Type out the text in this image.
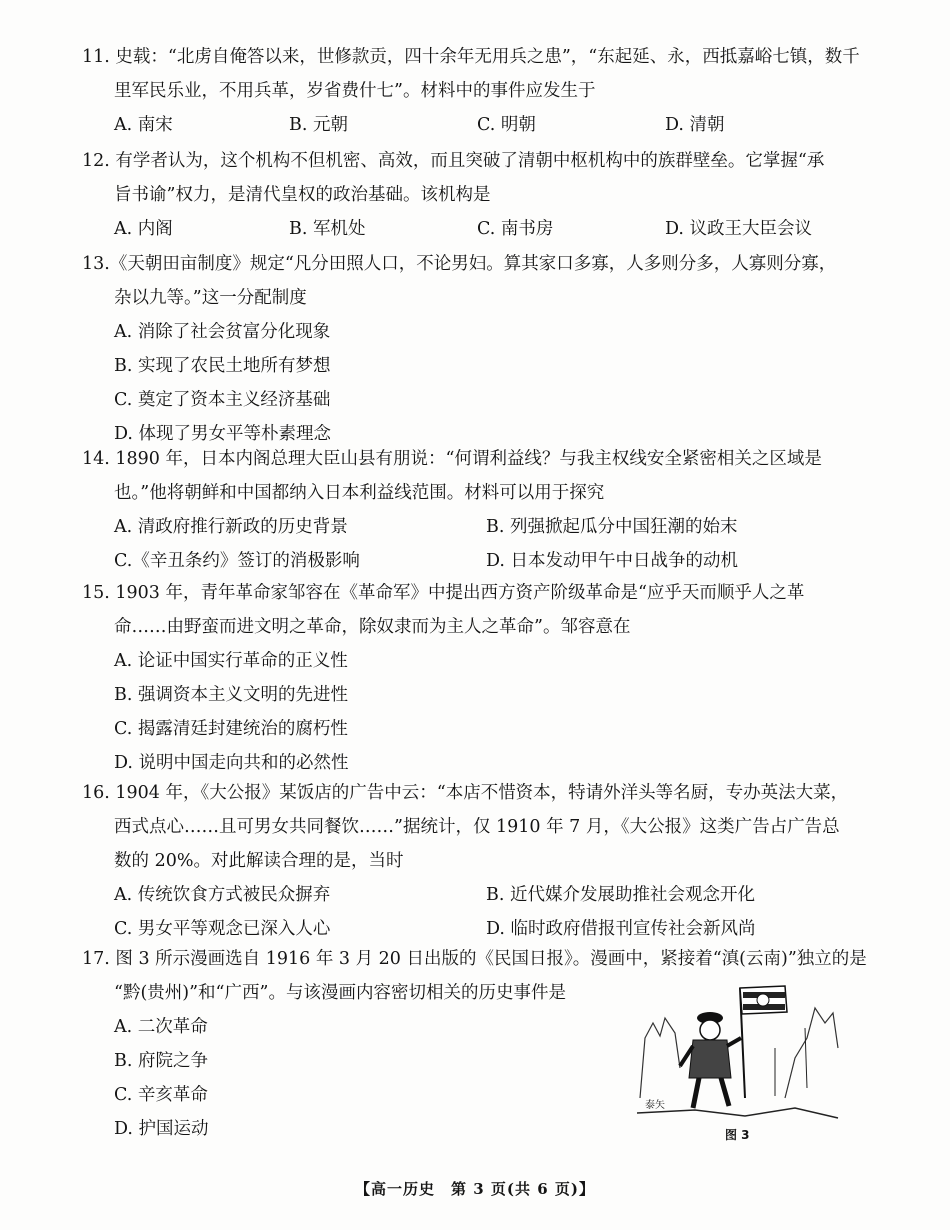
11. 史载：“北虏自俺答以来，世修款贡，四十余年无用兵之患”，“东起延、永，西抵嘉峪七镇，数千
里军民乐业，不用兵革，岁省费什七”。材料中的事件应发生于

A. 南宋	B. 元朝	C. 明朝	D. 清朝

12. 有学者认为，这个机构不但机密、高效，而且突破了清朝中枢机构中的族群壁垒。它掌握“承
旨书谕”权力，是清代皇权的政治基础。该机构是

A. 内阁	B. 军机处	C. 南书房	D. 议政王大臣会议

13.《天朝田亩制度》规定“凡分田照人口，不论男妇。算其家口多寡，人多则分多，人寡则分寡，
杂以九等。”这一分配制度

A. 消除了社会贫富分化现象
B. 实现了农民土地所有梦想
C. 奠定了资本主义经济基础
D. 体现了男女平等朴素理念

14. 1890 年，日本内阁总理大臣山县有朋说：“何谓利益线？与我主权线安全紧密相关之区域是
也。”他将朝鲜和中国都纳入日本利益线范围。材料可以用于探究

A. 清政府推行新政的历史背景	B. 列强掀起瓜分中国狂潮的始末
C.《辛丑条约》签订的消极影响	D. 日本发动甲午中日战争的动机

15. 1903 年，青年革命家邹容在《革命军》中提出西方资产阶级革命是“应乎天而顺乎人之革
命……由野蛮而进文明之革命，除奴隶而为主人之革命”。邹容意在

A. 论证中国实行革命的正义性
B. 强调资本主义文明的先进性
C. 揭露清廷封建统治的腐朽性
D. 说明中国走向共和的必然性

16. 1904 年，《大公报》某饭店的广告中云：“本店不惜资本，特请外洋头等名厨，专办英法大菜，
西式点心……且可男女共同餐饮……”据统计，仅 1910 年 7 月，《大公报》这类广告占广告总
数的 20%。对此解读合理的是，当时

A. 传统饮食方式被民众摒弃	B. 近代媒介发展助推社会观念开化
C. 男女平等观念已深入人心	D. 临时政府借报刊宣传社会新风尚

17. 图 3 所示漫画选自 1916 年 3 月 20 日出版的《民国日报》。漫画中，紧接着“滇(云南)”独立的是
“黔(贵州)”和“广西”。与该漫画内容密切相关的历史事件是

A. 二次革命
B. 府院之争
C. 辛亥革命
D. 护国运动
泰矢
图 3
【高一历史　第 3 页(共 6 页)】
